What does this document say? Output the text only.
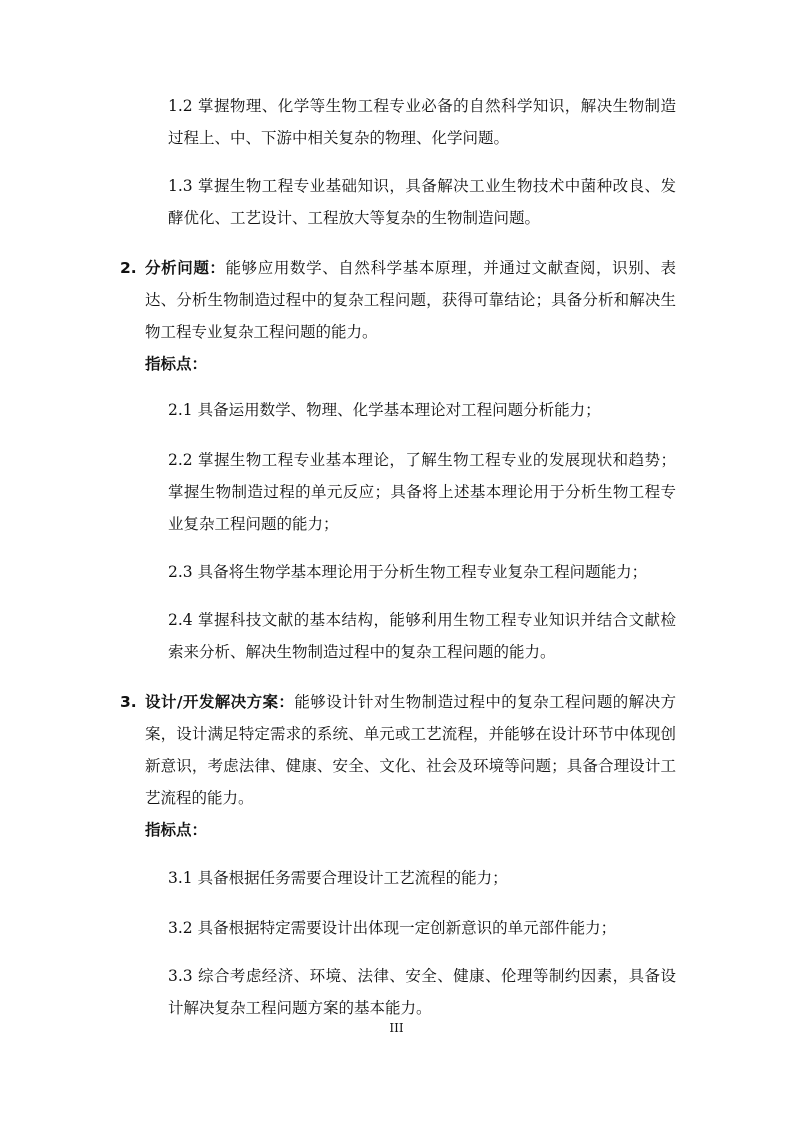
1.2 掌握物理、化学等生物工程专业必备的自然科学知识，解决生物制造过程上、中、下游中相关复杂的物理、化学问题。

1.3 掌握生物工程专业基础知识，具备解决工业生物技术中菌种改良、发酵优化、工艺设计、工程放大等复杂的生物制造问题。

2. 分析问题：能够应用数学、自然科学基本原理，并通过文献查阅，识别、表达、分析生物制造过程中的复杂工程问题，获得可靠结论；具备分析和解决生物工程专业复杂工程问题的能力。

指标点：

2.1 具备运用数学、物理、化学基本理论对工程问题分析能力；

2.2 掌握生物工程专业基本理论，了解生物工程专业的发展现状和趋势；掌握生物制造过程的单元反应；具备将上述基本理论用于分析生物工程专业复杂工程问题的能力；

2.3 具备将生物学基本理论用于分析生物工程专业复杂工程问题能力；

2.4 掌握科技文献的基本结构，能够利用生物工程专业知识并结合文献检索来分析、解决生物制造过程中的复杂工程问题的能力。

3. 设计/开发解决方案：能够设计针对生物制造过程中的复杂工程问题的解决方案，设计满足特定需求的系统、单元或工艺流程，并能够在设计环节中体现创新意识，考虑法律、健康、安全、文化、社会及环境等问题；具备合理设计工艺流程的能力。

指标点：

3.1 具备根据任务需要合理设计工艺流程的能力；

3.2 具备根据特定需要设计出体现一定创新意识的单元部件能力；

3.3 综合考虑经济、环境、法律、安全、健康、伦理等制约因素，具备设计解决复杂工程问题方案的基本能力。

III
